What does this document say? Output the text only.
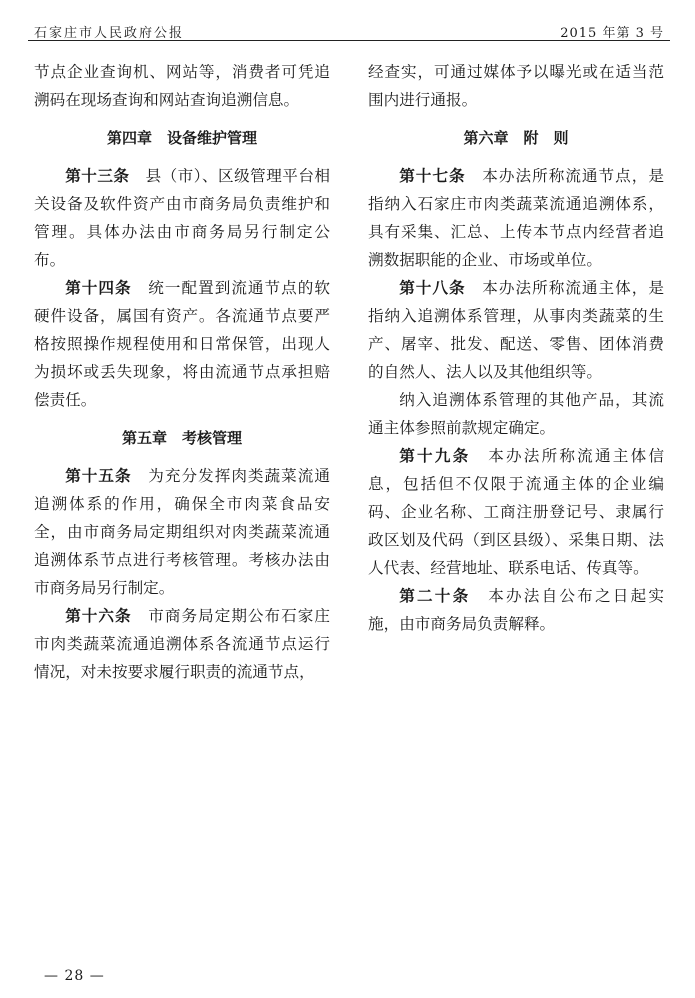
石家庄市人民政府公报	2015 年第 3 号

节点企业查询机、网站等，消费者可凭追溯码在现场查询和网站查询追溯信息。

第四章　设备维护管理

第十三条　县（市）、区级管理平台相关设备及软件资产由市商务局负责维护和管理。具体办法由市商务局另行制定公布。

第十四条　统一配置到流通节点的软硬件设备，属国有资产。各流通节点要严格按照操作规程使用和日常保管，出现人为损坏或丢失现象，将由流通节点承担赔偿责任。

第五章　考核管理

第十五条　为充分发挥肉类蔬菜流通追溯体系的作用，确保全市肉菜食品安全，由市商务局定期组织对肉类蔬菜流通追溯体系节点进行考核管理。考核办法由市商务局另行制定。

第十六条　市商务局定期公布石家庄市肉类蔬菜流通追溯体系各流通节点运行情况，对未按要求履行职责的流通节点，

经查实，可通过媒体予以曝光或在适当范围内进行通报。

第六章　附　则

第十七条　本办法所称流通节点，是指纳入石家庄市肉类蔬菜流通追溯体系，具有采集、汇总、上传本节点内经营者追溯数据职能的企业、市场或单位。

第十八条　本办法所称流通主体，是指纳入追溯体系管理，从事肉类蔬菜的生产、屠宰、批发、配送、零售、团体消费的自然人、法人以及其他组织等。

纳入追溯体系管理的其他产品，其流通主体参照前款规定确定。

第十九条　本办法所称流通主体信息，包括但不仅限于流通主体的企业编码、企业名称、工商注册登记号、隶属行政区划及代码（到区县级）、采集日期、法人代表、经营地址、联系电话、传真等。

第二十条　本办法自公布之日起实施，由市商务局负责解释。

— 28 —
